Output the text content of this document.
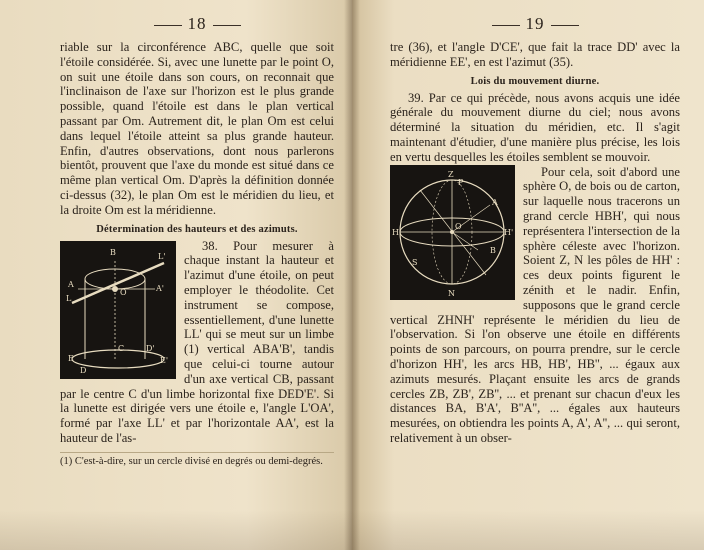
18

riable sur la circonférence ABC, quelle que soit l'étoile considérée. Si, avec une lunette par le point O, on suit une étoile dans son cours, on reconnait que l'inclinaison de l'axe sur l'horizon est le plus grande possible, quand l'étoile est dans le plan vertical passant par Om. Autrement dit, le plan Om est celui dans lequel l'étoile atteint sa plus grande hauteur. Enfin, d'autres observations, dont nous parlerons bientôt, prouvent que l'axe du monde est situé dans ce même plan vertical Om. D'après la définition donnée ci-dessus (32), le plan Om est le méridien du lieu, et la droite Om est la méridienne.

Détermination des hauteurs et des azimuts.
L
L'
B
A
O	A'
C
E	E'
D
D'

38. Pour mesurer à chaque instant la hauteur et l'azimut d'une étoile, on peut employer le théodolite. Cet instrument se compose, essentiellement, d'une lunette LL' qui se meut sur un limbe (1) vertical ABA'B', tandis que celui-ci tourne autour d'un axe vertical CB, passant par le centre C d'un limbe horizontal fixe DED'E'. Si la lunette est dirigée vers une étoile e, l'angle L'OA', formé par l'axe LL' et par l'horizontale AA', est la hauteur de l'as-

(1) C'est-à-dire, sur un cercle divisé en degrés ou demi-degrés.
19

tre (36), et l'angle D'CE', que fait la trace DD' avec la méridienne EE', en est l'azimut (35).

Lois du mouvement diurne.

39. Par ce qui précède, nous avons acquis une idée générale du mouvement diurne du ciel; nous avons déterminé la situation du méridien, etc. Il s'agit maintenant d'étudier, d'une manière plus précise, les lois en vertu desquelles les étoiles semblent se mouvoir.

Z
P
O
H
N
H'
B
A
S

Pour cela, soit d'abord une sphère O, de bois ou de carton, sur laquelle nous tracerons un grand cercle HBH', qui nous représentera l'intersection de la sphère céleste avec l'horizon. Soient Z, N les pôles de HH' : ces deux points figurent le zénith et le nadir. Enfin, supposons que le grand cercle vertical ZHNH' représente le méridien du lieu de l'observation. Si l'on observe une étoile en différents points de son parcours, on pourra prendre, sur le cercle d'horizon HH', les arcs HB, HB', HB'', ... égaux aux azimuts mesurés. Plaçant ensuite les arcs de grands cercles ZB, ZB', ZB'', ... et prenant sur chacun d'eux les distances BA, B'A', B''A'', ... égales aux hauteurs mesurées, on obtiendra les points A, A', A'', ... qui seront, relativement à un obser-
